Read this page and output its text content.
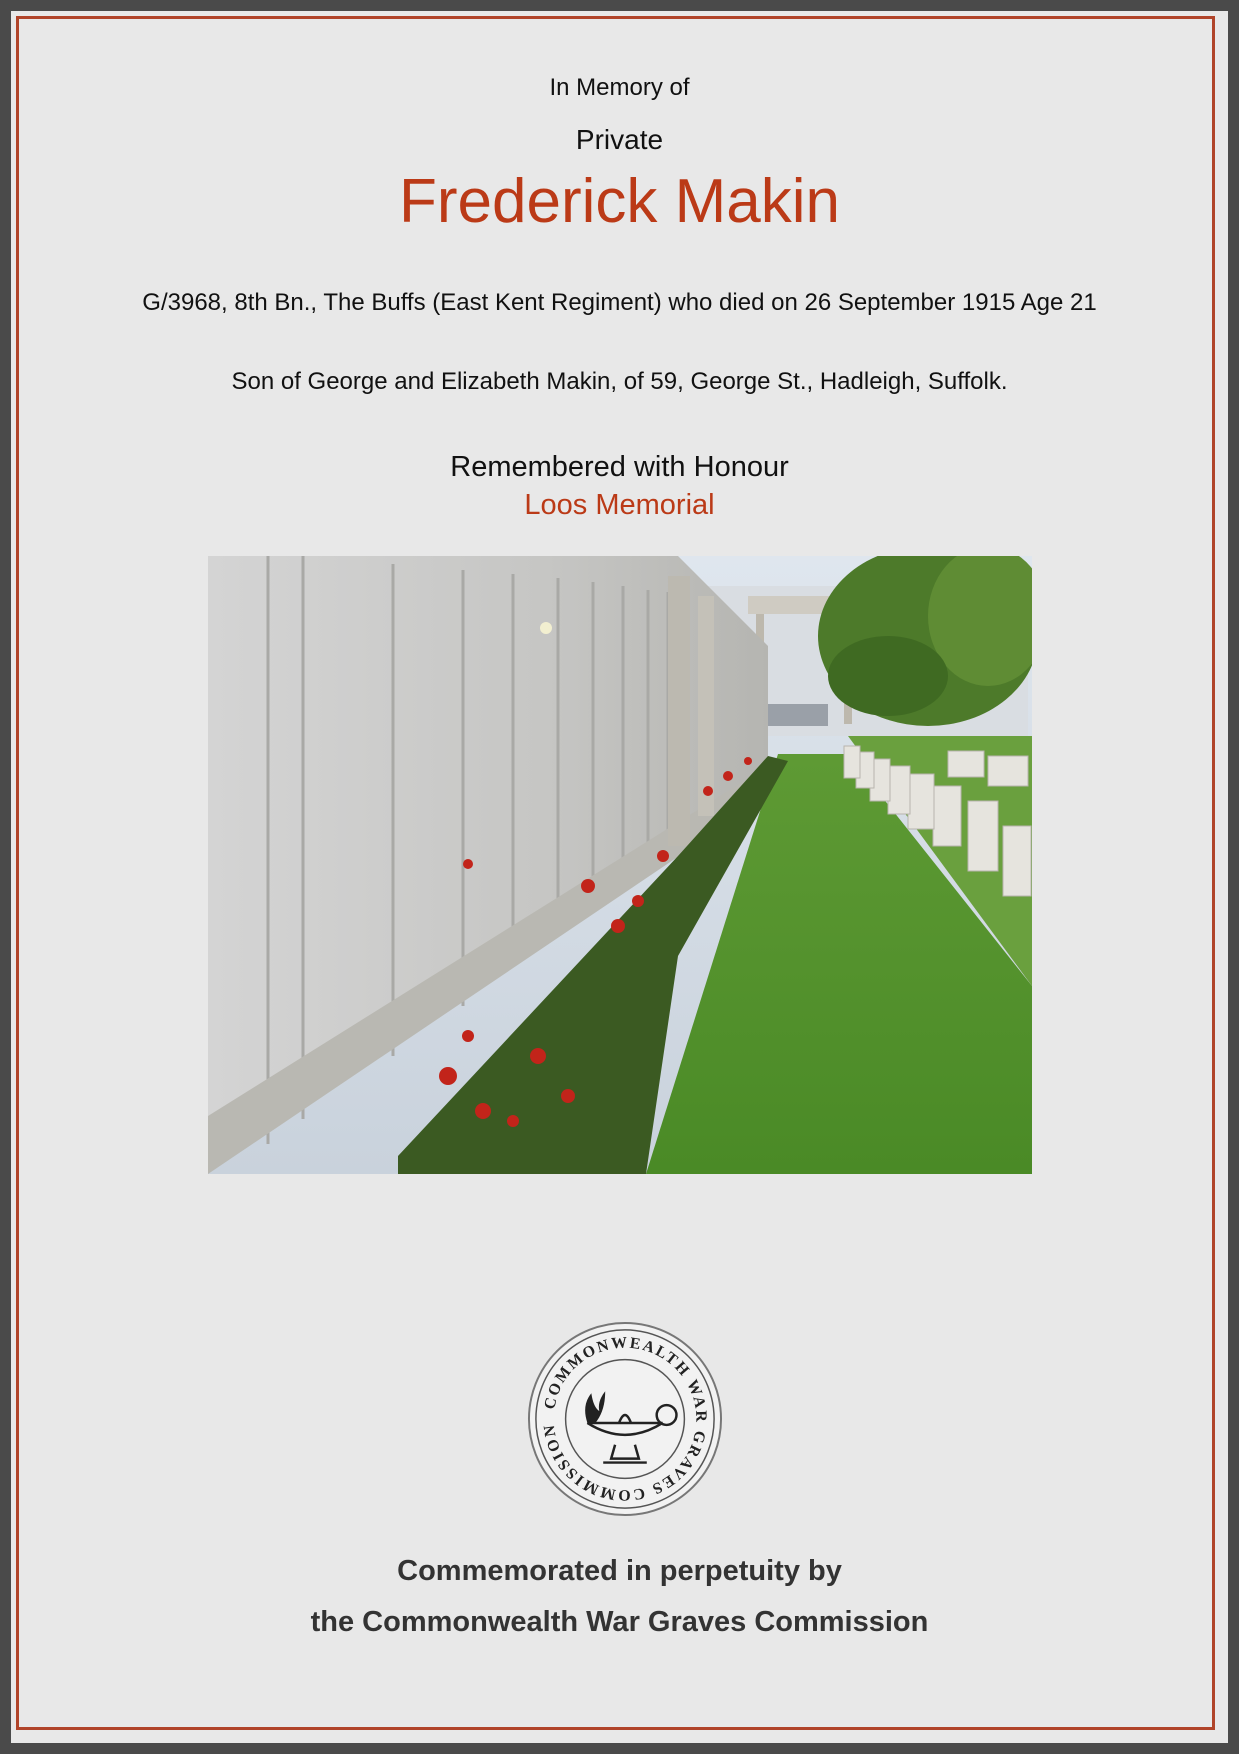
In Memory of
Private
Frederick Makin
G/3968, 8th Bn., The Buffs (East Kent Regiment) who died on 26 September 1915 Age 21
Son of George and Elizabeth Makin, of 59, George St., Hadleigh, Suffolk.
Remembered with Honour
Loos Memorial
COMMONWEALTH WAR GRAVES COMMISSION
Commemorated in perpetuity by
the Commonwealth War Graves Commission
